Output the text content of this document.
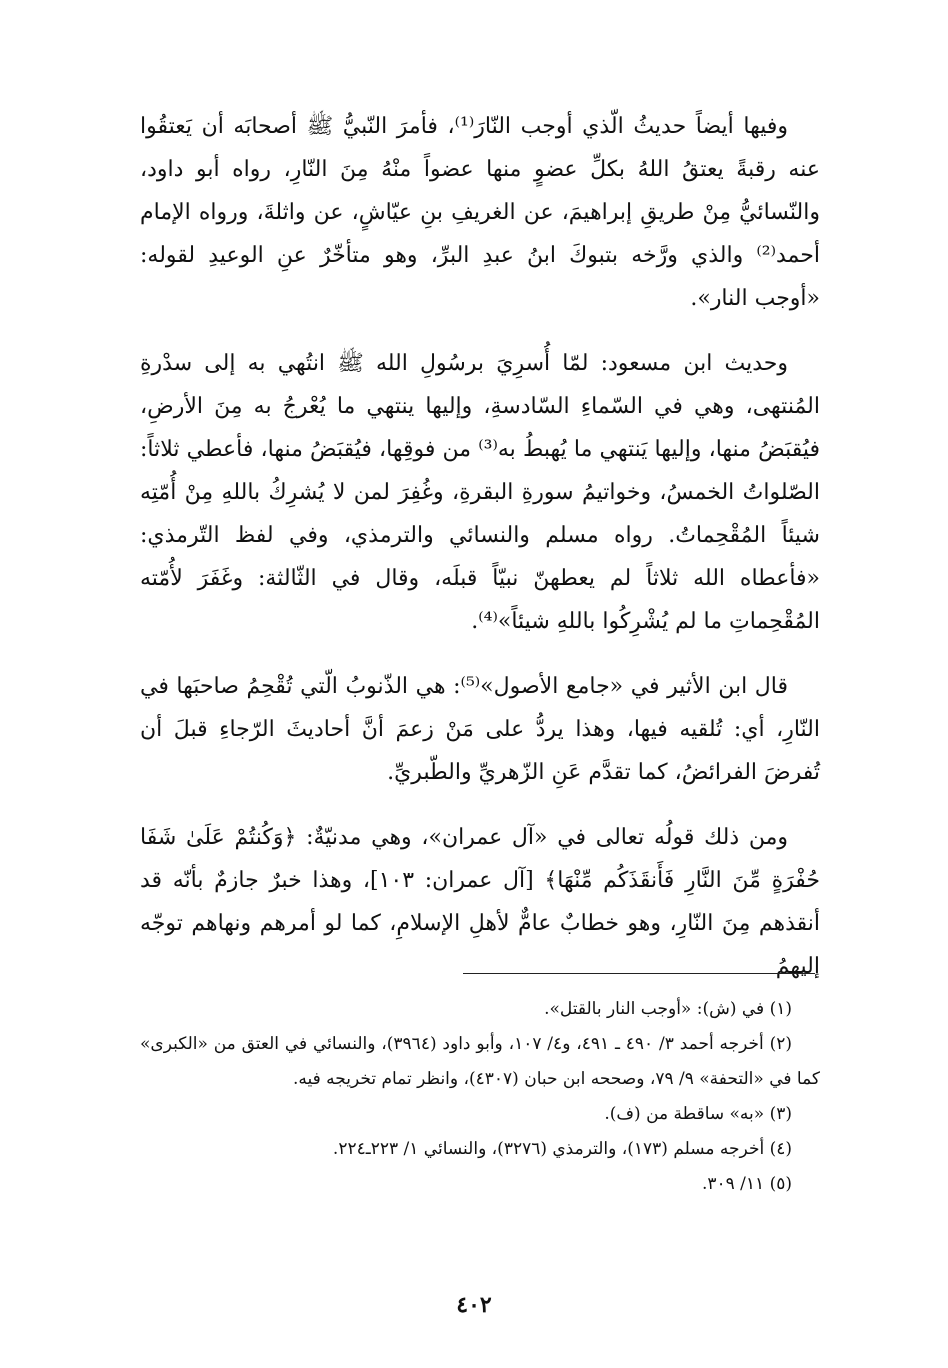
وفيها أيضاً حديثُ الّذي أوجب النّارَ⁽¹⁾، فأمرَ النّبيُّ ﷺ أصحابَه أن يَعتقُوا عنه رقبةً يعتقُ اللهُ بكلِّ عضوٍ منها عضواً منْهُ مِنَ النّارِ، رواه أبو داود، والنّسائيُّ مِنْ طريقِ إبراهيمَ، عن الغريفِ بنِ عيّاشٍ، عن واثلةَ، ورواه الإمام أحمد⁽²⁾ والذي ورَّخه بتبوكَ ابنُ عبدِ البرِّ، وهو متأخّرٌ عنِ الوعيدِ لقوله: «أوجب النار».

وحديث ابن مسعود: لمّا أُسرِيَ برسُولِ الله ﷺ انتُهي به إلى سدْرةِ المُنتهى، وهي في السّماءِ السّادسةِ، وإليها ينتهي ما يُعْرجُ به مِنَ الأرضِ، فيُقبَضُ منها، وإليها يَنتهي ما يُهبطُ به⁽³⁾ من فوقِها، فيُقبَضُ منها، فأعطي ثلاثاً: الصّلواتُ الخمسُ، وخواتيمُ سورةِ البقرةِ، وغُفِرَ لمن لا يُشرِكُ باللهِ مِنْ أُمّتِه شيئاً المُقْحِماتُ. رواه مسلم والنسائي والترمذي، وفي لفظ التّرمذي: «فأعطاه الله ثلاثاً لم يعطهنّ نبيّاً قبلَه، وقال في الثّالثة: وغَفَرَ لأُمّته المُقْحِماتِ ما لم يُشْرِكُوا باللهِ شيئاً»⁽⁴⁾.

قال ابن الأثير في «جامع الأصول»⁽⁵⁾: هي الذّنوبُ الّتي تُقْحِمُ صاحبَها في النّارِ، أي: تُلقيه فيها، وهذا يردُّ على مَنْ زعمَ أنَّ أحاديثَ الرّجاءِ قبلَ أن تُفرضَ الفرائضُ، كما تقدَّم عَنِ الزّهريِّ والطّبريِّ.

ومن ذلك قولُه تعالى في «آل عمران»، وهي مدنيّةٌ: ﴿وَكُنتُمْ عَلَىٰ شَفَا حُفْرَةٍ مِّنَ النَّارِ فَأَنقَذَكُم مِّنْهَا﴾ [آل عمران: ١٠٣]، وهذا خبرٌ جازمٌ بأنّه قد أنقذهم مِنَ النّارِ، وهو خطابٌ عامٌّ لأهلِ الإسلامِ، كما لو أمرهم ونهاهم توجّه إليهمُ

(١) في (ش): «أوجب النار بالقتل».

(٢) أخرجه أحمد ٣/ ٤٩٠ ـ ٤٩١، و٤/ ١٠٧، وأبو داود (٣٩٦٤)، والنسائي في العتق من «الكبرى» كما في «التحفة» ٩/ ٧٩، وصححه ابن حبان (٤٣٠٧)، وانظر تمام تخريجه فيه.

(٣) «به» ساقطة من (ف).

(٤) أخرجه مسلم (١٧٣)، والترمذي (٣٢٧٦)، والنسائي ١/ ٢٢٣ـ٢٢٤.

(٥) ١١/ ٣٠٩.

٤٠٢
